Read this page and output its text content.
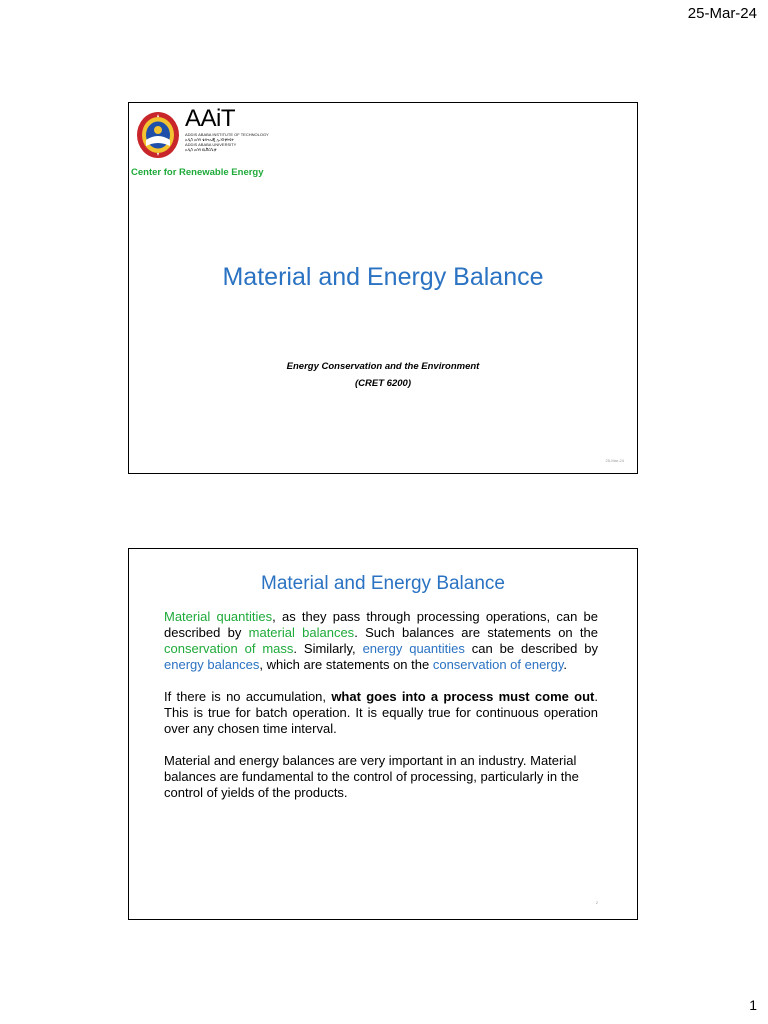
25-Mar-24
AAiT
ADDIS ABABA INSTITUTE OF TECHNOLOGY
አዲስ አበባ ቴክኖሎጂ ኢንስቲትዩት
ADDIS ABABA UNIVERSITY
አዲስ አበባ ዩኒቨርሲቲ
Center for Renewable Energy
Material and Energy Balance
Energy Conservation and the Environment
(CRET 6200)
25-Mar-24
Material and Energy Balance

Material quantities, as they pass through processing operations, can be described by material balances. Such balances are statements on the conservation of mass. Similarly, energy quantities can be described by energy balances, which are statements on the conservation of energy.

If there is no accumulation, what goes into a process must come out. This is true for batch operation. It is equally true for continuous operation over any chosen time interval.

Material and energy balances are very important in an industry. Material balances are fundamental to the control of processing, particularly in the control of yields of the products.

2
1
